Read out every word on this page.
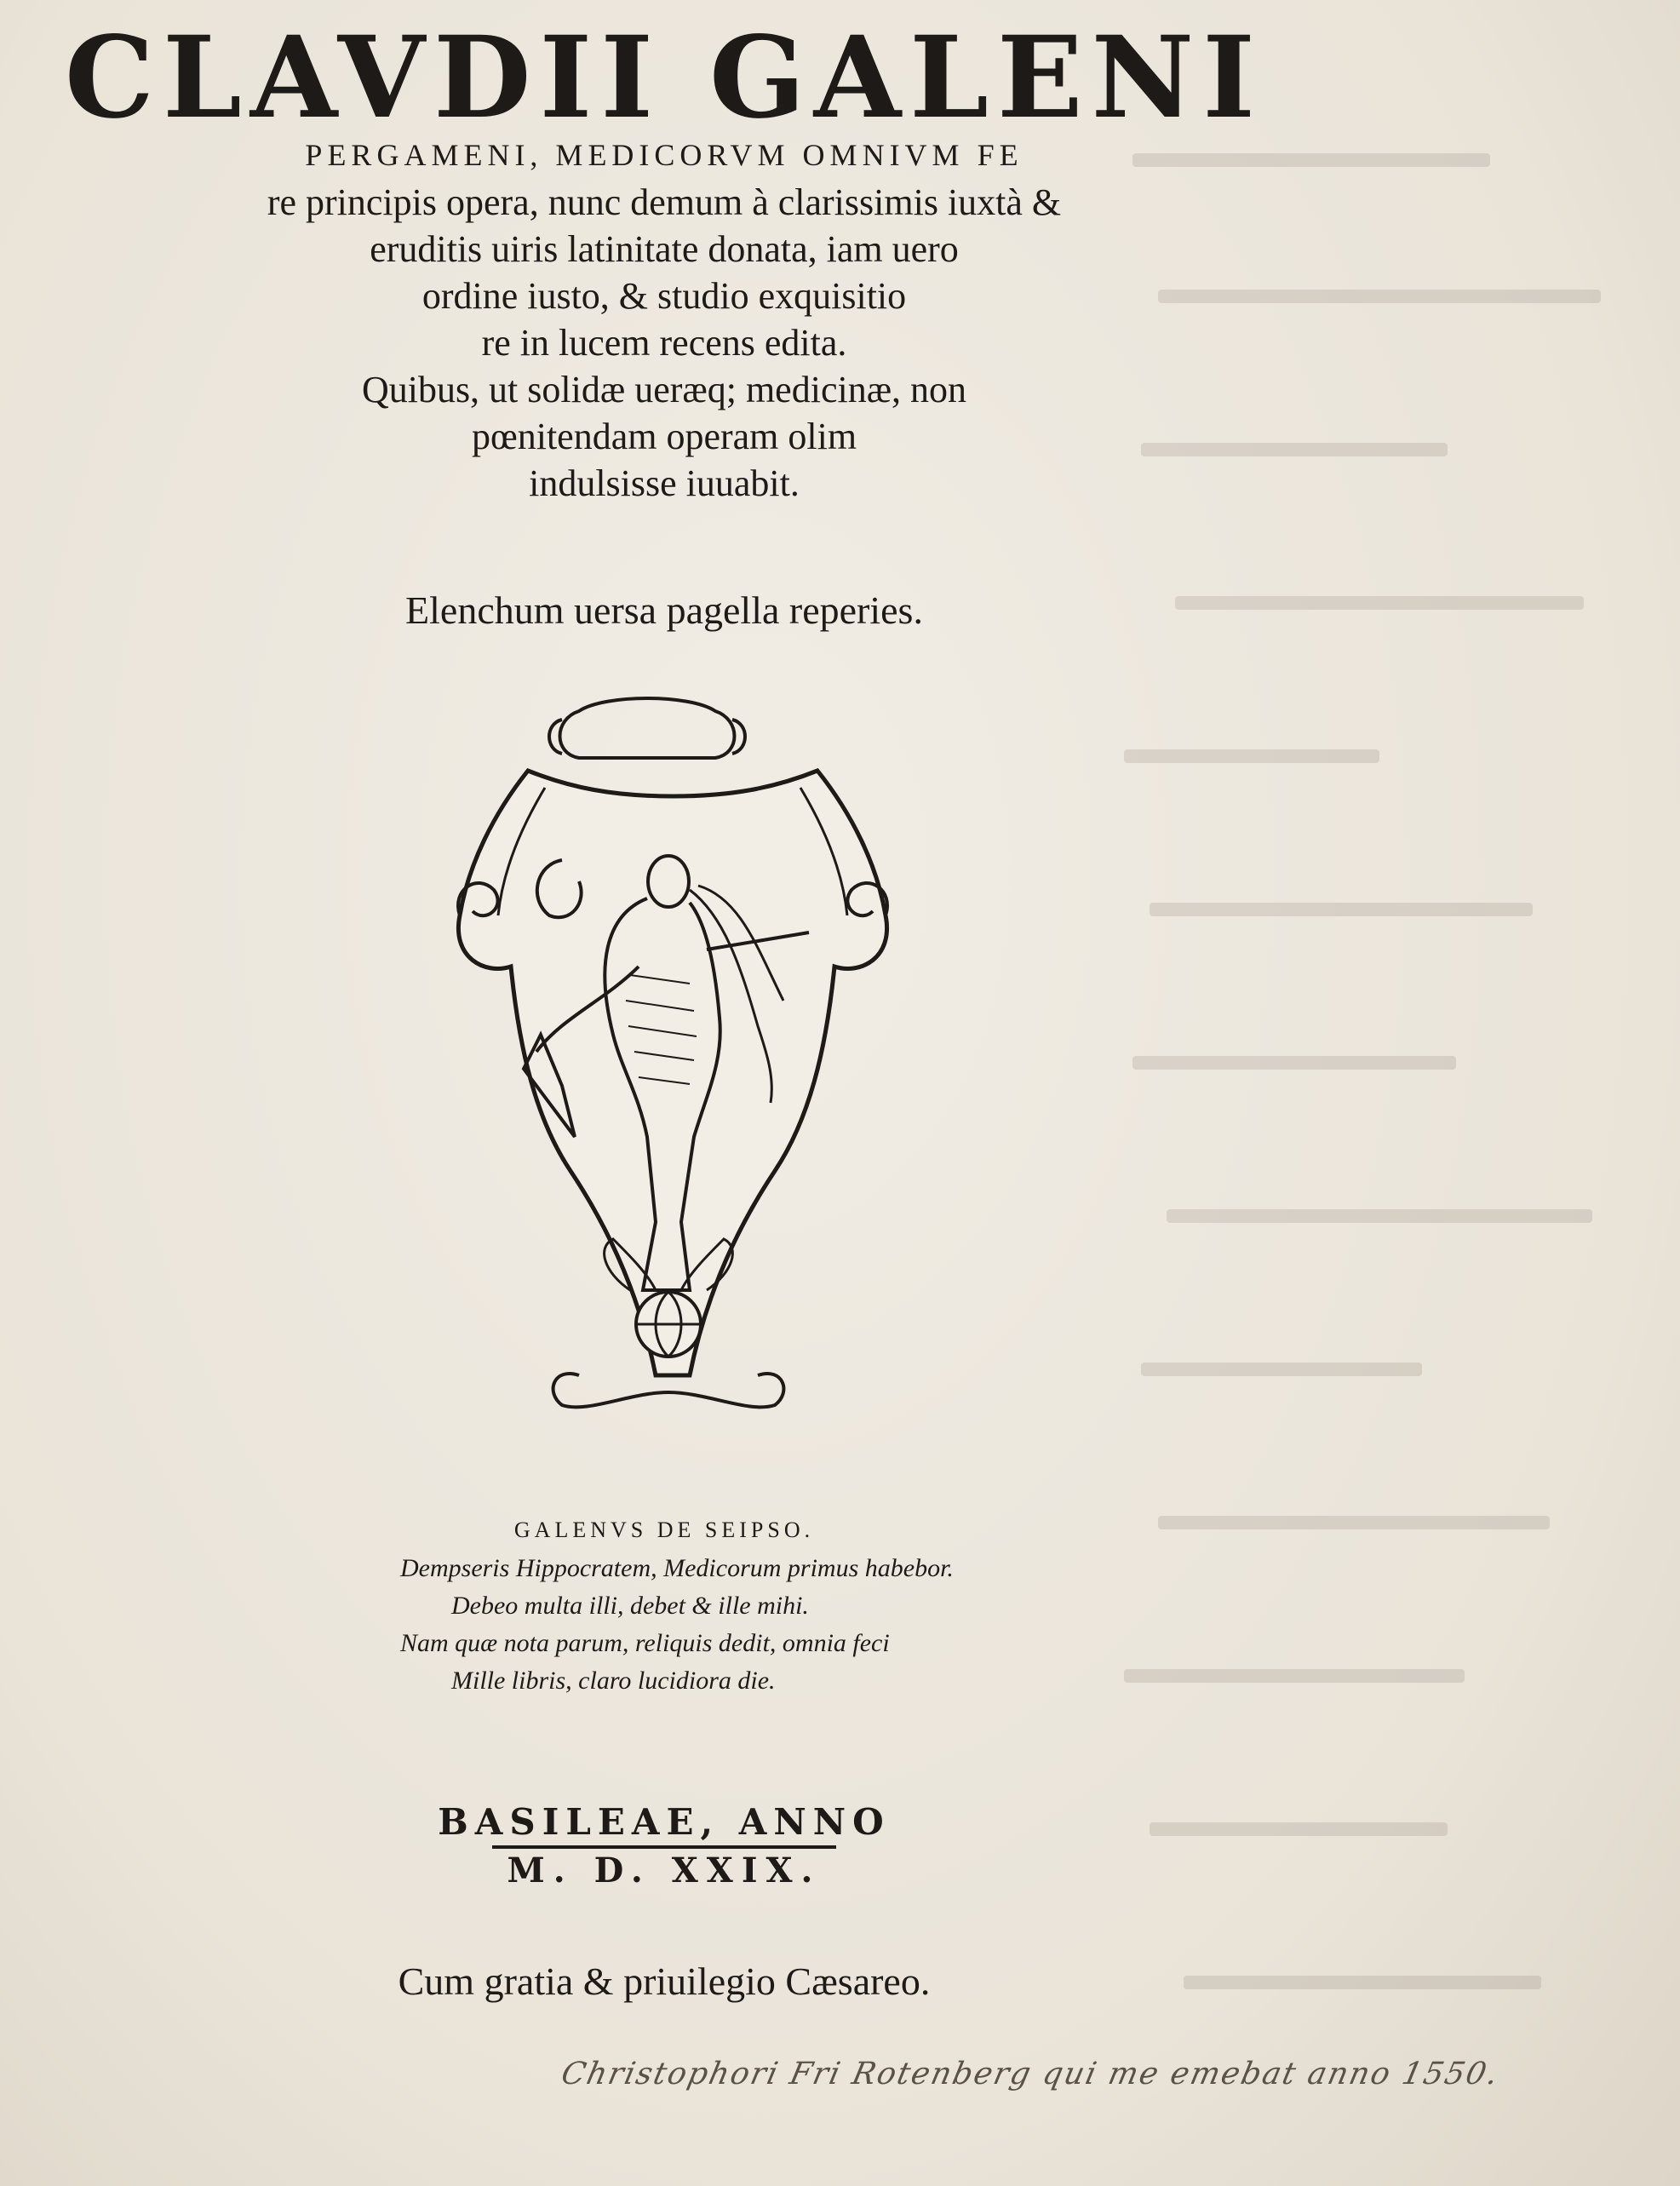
CLAVDII GALENI
PERGAMENI, MEDICORVM OMNIVM FE
re principis opera, nunc demum à clarissimis iuxtà &
eruditis uiris latinitate donata, iam uero
ordine iusto, & studio exquisitio
re in lucem recens edita.
Quibus, ut solidæ ueræq; medicinæ, non
pœnitendam operam olim
indulsisse iuuabit.
Elenchum uersa pagella reperies.
GALENVS DE SEIPSO.
Dempseris Hippocratem, Medicorum primus habebor.
Debeo multa illi, debet & ille mihi.
Nam quæ nota parum, reliquis dedit, omnia feci
Mille libris, claro lucidiora die.
BASILEAE, ANNO
M. D. XXIX.
Cum gratia & priuilegio Cæsareo.
Christophori Fri Rotenberg qui me emebat anno 1550.
